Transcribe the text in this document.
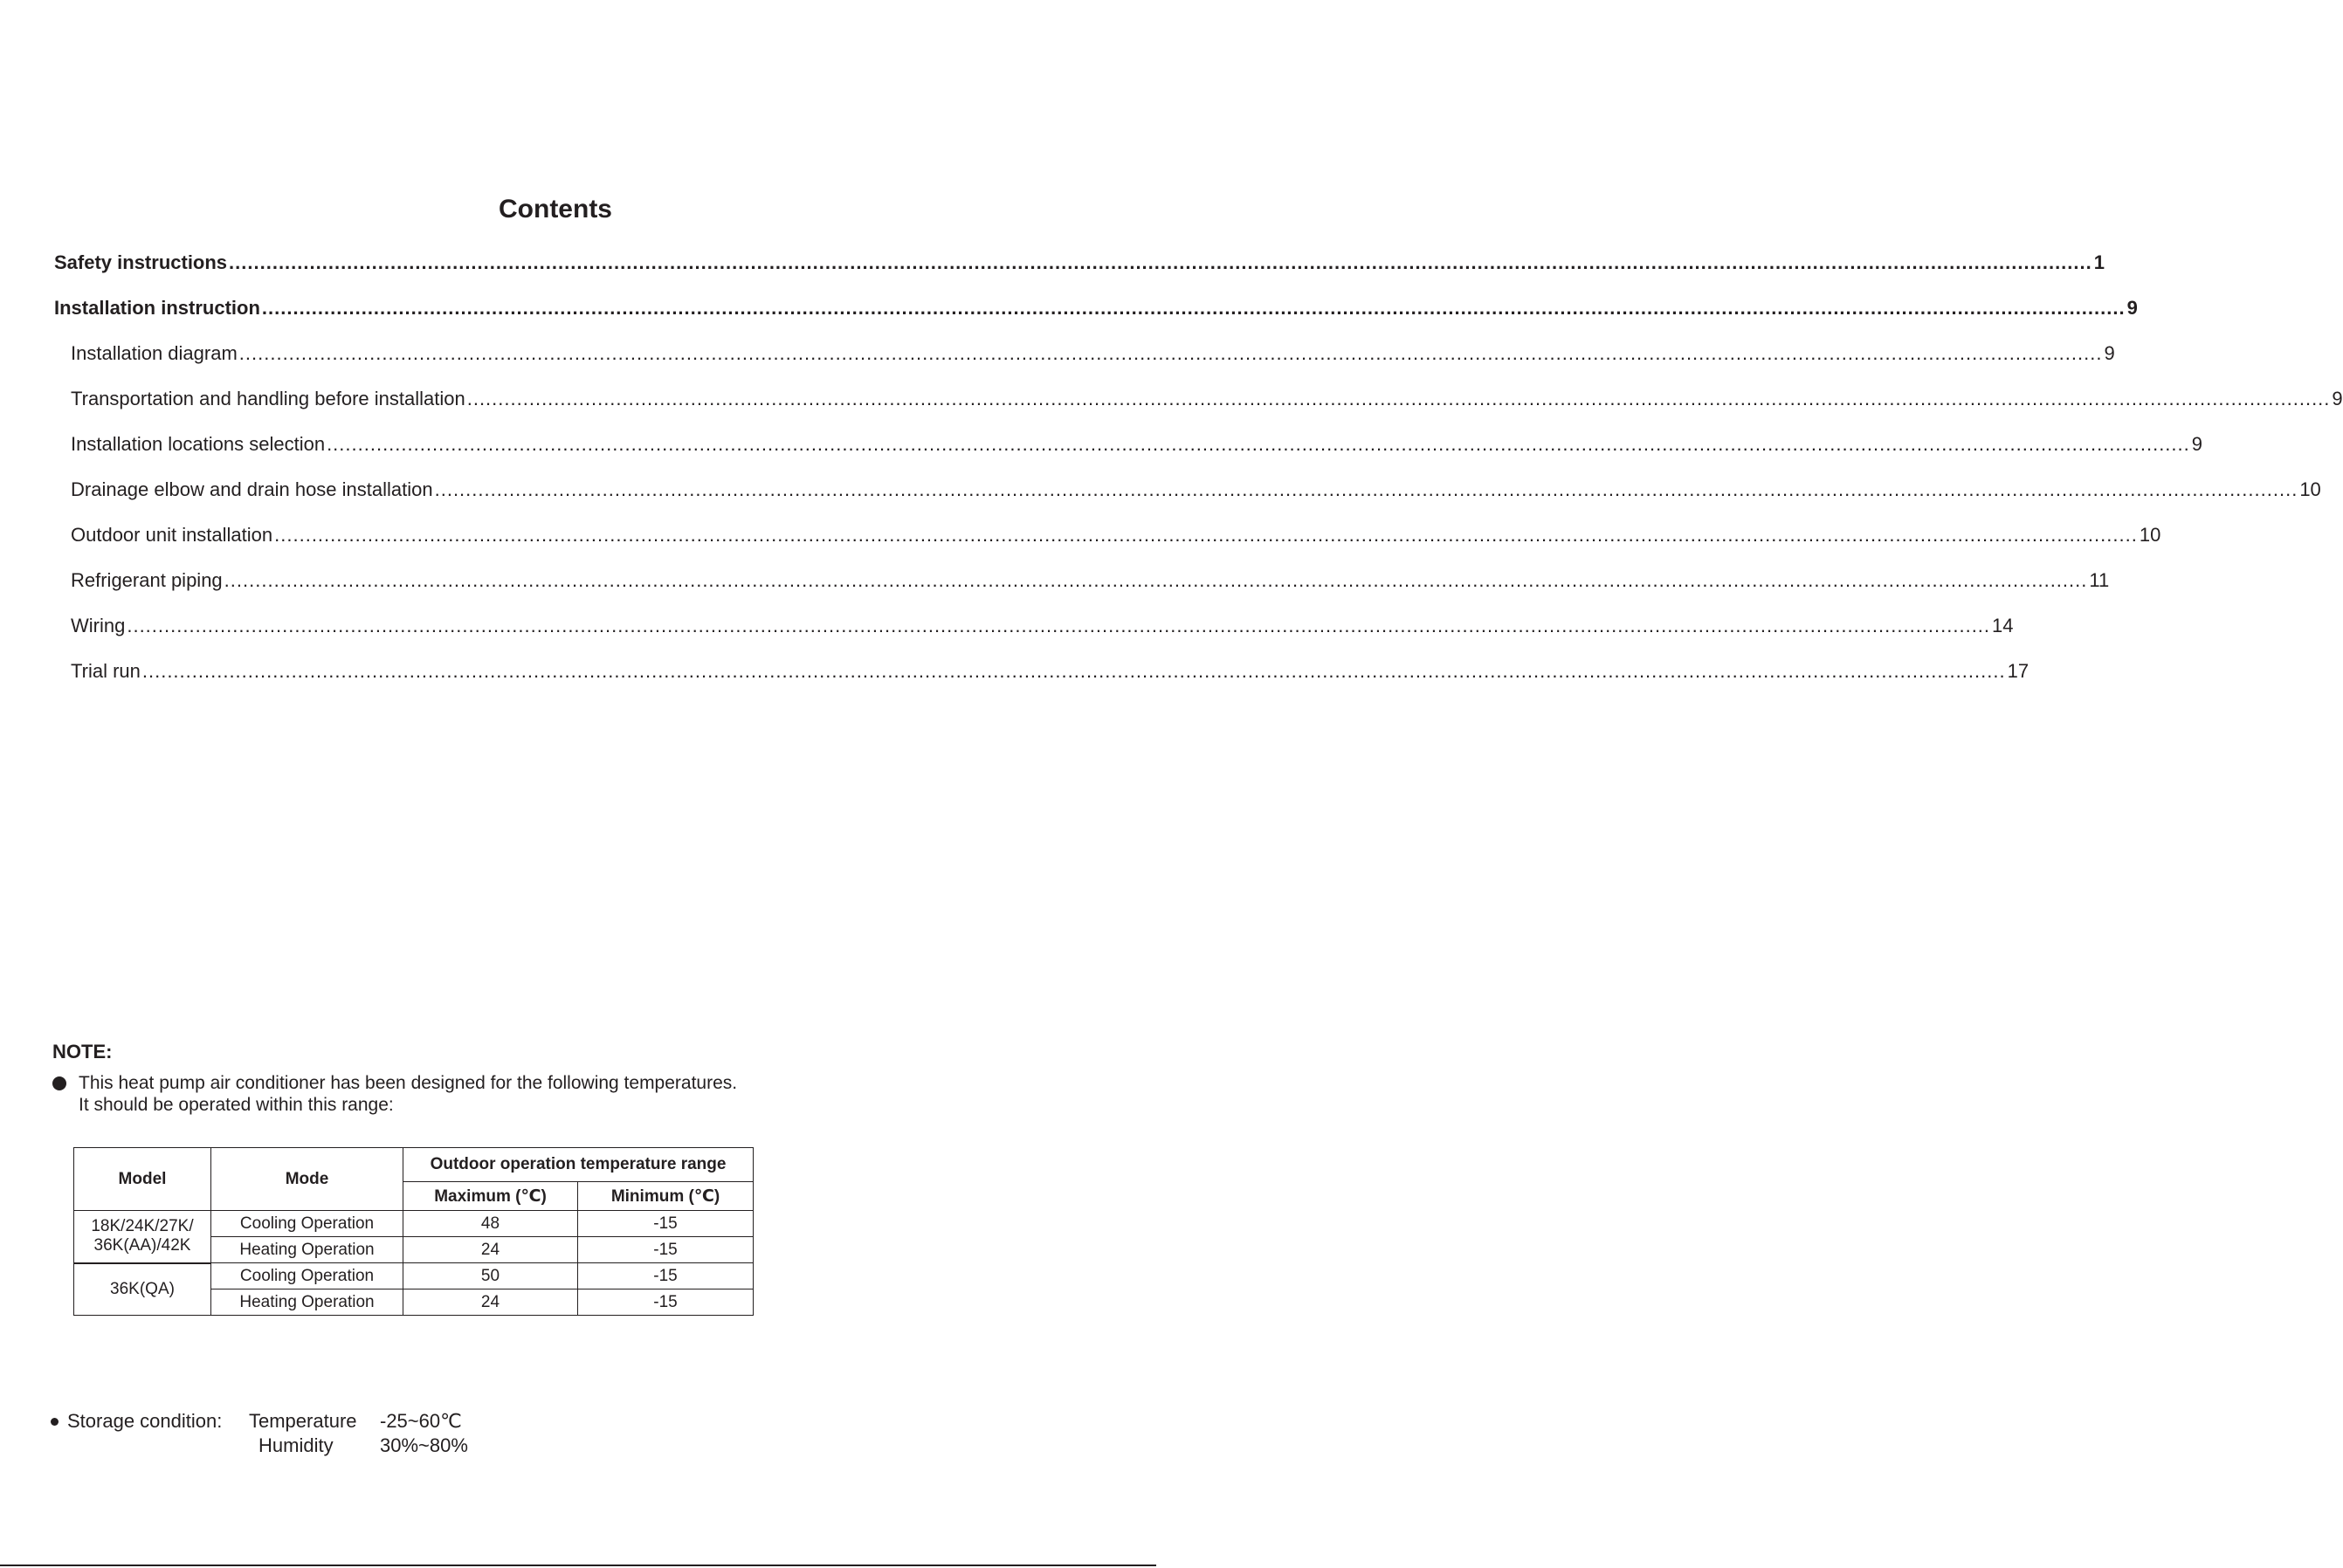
Contents
Safety instructions ............................................................................................................................................................................................................................................................................................................ 1
Installation instruction ............................................................................................................................................................................................................................................................................................................ 9
Installation diagram ............................................................................................................................................................................................................................................................................................................ 9
Transportation and handling before installation ............................................................................................................................................................................................................................................................................................................ 9
Installation locations selection ............................................................................................................................................................................................................................................................................................................ 9
Drainage elbow and drain hose installation ............................................................................................................................................................................................................................................................................................................ 10
Outdoor unit installation ............................................................................................................................................................................................................................................................................................................ 10
Refrigerant piping ............................................................................................................................................................................................................................................................................................................ 11
Wiring ............................................................................................................................................................................................................................................................................................................ 14
Trial run ............................................................................................................................................................................................................................................................................................................ 17
NOTE:
This heat pump air conditioner has been designed for the following temperatures.
It should be operated within this range:
Model	Mode	Outdoor operation temperature range	
		Maximum (℃)	Minimum (℃)

18K/24K/27K/
36K(AA)/42K	Cooling Operation	48	-15
	Heating Operation	24	-15

36K(QA)	Cooling Operation	50	-15
	Heating Operation	24	-15
Storage condition:	Temperature	-25~60℃
Humidity	30%~80%
